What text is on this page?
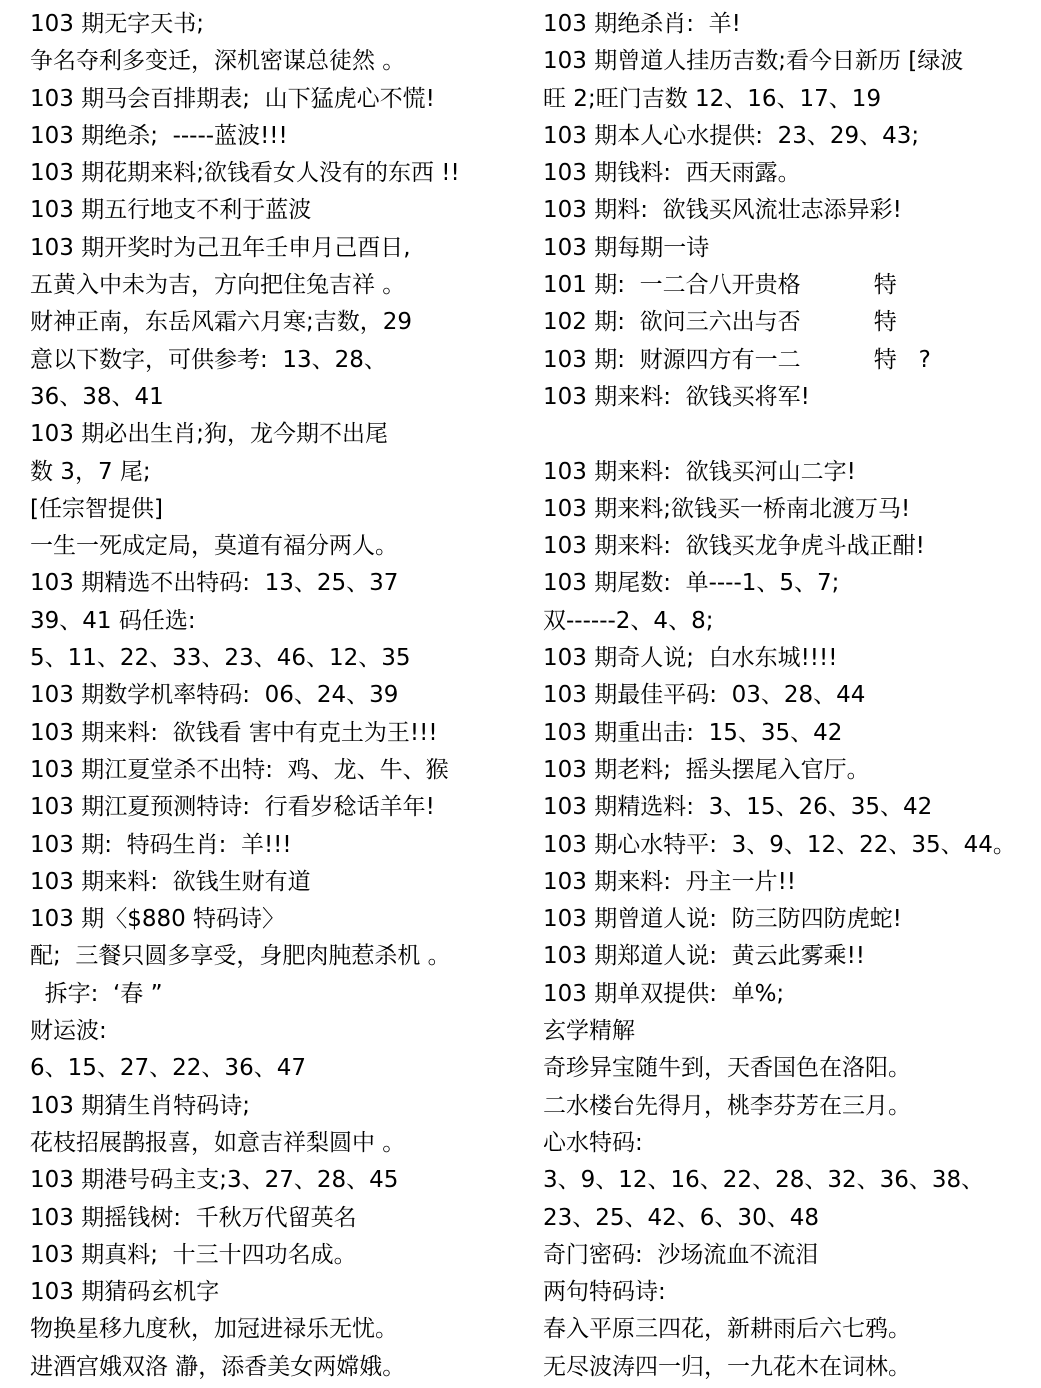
103 期无字天书;
争名夺利多变迁，深机密谋总徒然 。
103 期马会百排期表;  山下猛虎心不慌!
103 期绝杀;  -----蓝波!!!
103 期花期来料;欲钱看女人没有的东西 !!
103 期五行地支不利于蓝波
103 期开奖时为己丑年壬申月己酉日,
五黄入中未为吉，方向把住兔吉祥 。
财神正南，东岳风霜六月寒;吉数，29
意以下数字，可供参考:  13、28、
36、38、41
103 期必出生肖;狗，龙今期不出尾
数 3，7 尾;
[任宗智提供]
一生一死成定局，莫道有福分两人。
103 期精选不出特码:  13、25、37
39、41 码任选:
5、11、22、33、23、46、12、35
103 期数学机率特码:  06、24、39
103 期来料:  欲钱看 害中有克土为王!!!
103 期江夏堂杀不出特:  鸡、龙、牛、猴
103 期江夏预测特诗:  行看岁稔话羊年!
103 期:  特码生肖:  羊!!!
103 期来料:  欲钱生财有道
103 期〈$880 特码诗〉
配;  三餐只圆多享受，身肥肉肫惹杀机 。
拆字:  ‘春 ”
财运波:
6、15、27、22、36、47
103 期猜生肖特码诗;
花枝招展鹊报喜，如意吉祥梨圆中 。
103 期港号码主支;3、27、28、45
103 期摇钱树:  千秋万代留英名
103 期真料;  十三十四功名成。
103 期猜码玄机字
物换星移九度秋，加冠进禄乐无忧。
进酒宫娥双洛 瀞，添香美女两嫦娥。
103 期绝杀肖:  羊!
103 期曾道人挂历吉数;看今日新历 [绿波
旺 2;旺门吉数 12、16、17、19
103 期本人心水提供:  23、29、43;
103 期钱料:  西天雨露。
103 期料:  欲钱买风流壮志添异彩!
103 期每期一诗
101 期:  一二合八开贵格          特
102 期:  欲问三六出与否          特
103 期:  财源四方有一二          特   ?
103 期来料:  欲钱买将军!
103 期来料:  欲钱买河山二字!
103 期来料;欲钱买一桥南北渡万马!
103 期来料:  欲钱买龙争虎斗战正酣!
103 期尾数:  单----1、5、7;
双------2、4、8;
103 期奇人说;  白水东城!!!!
103 期最佳平码:  03、28、44
103 期重出击:  15、35、42
103 期老料;  摇头摆尾入官厅。
103 期精选料:  3、15、26、35、42
103 期心水特平:  3、9、12、22、35、44。
103 期来料:  丹主一片!!
103 期曾道人说:  防三防四防虎蛇!
103 期郑道人说:  黄云此雾乘!!
103 期单双提供:  单%;
玄学精解
奇珍异宝随牛到，天香国色在洛阳。
二水楼台先得月，桃李芬芳在三月。
心水特码:
3、9、12、16、22、28、32、36、38、
23、25、42、6、30、48
奇门密码:  沙场流血不流泪
两句特码诗:
春入平原三四花，新耕雨后六七鸦。
无尽波涛四一归，一九花木在词林。
